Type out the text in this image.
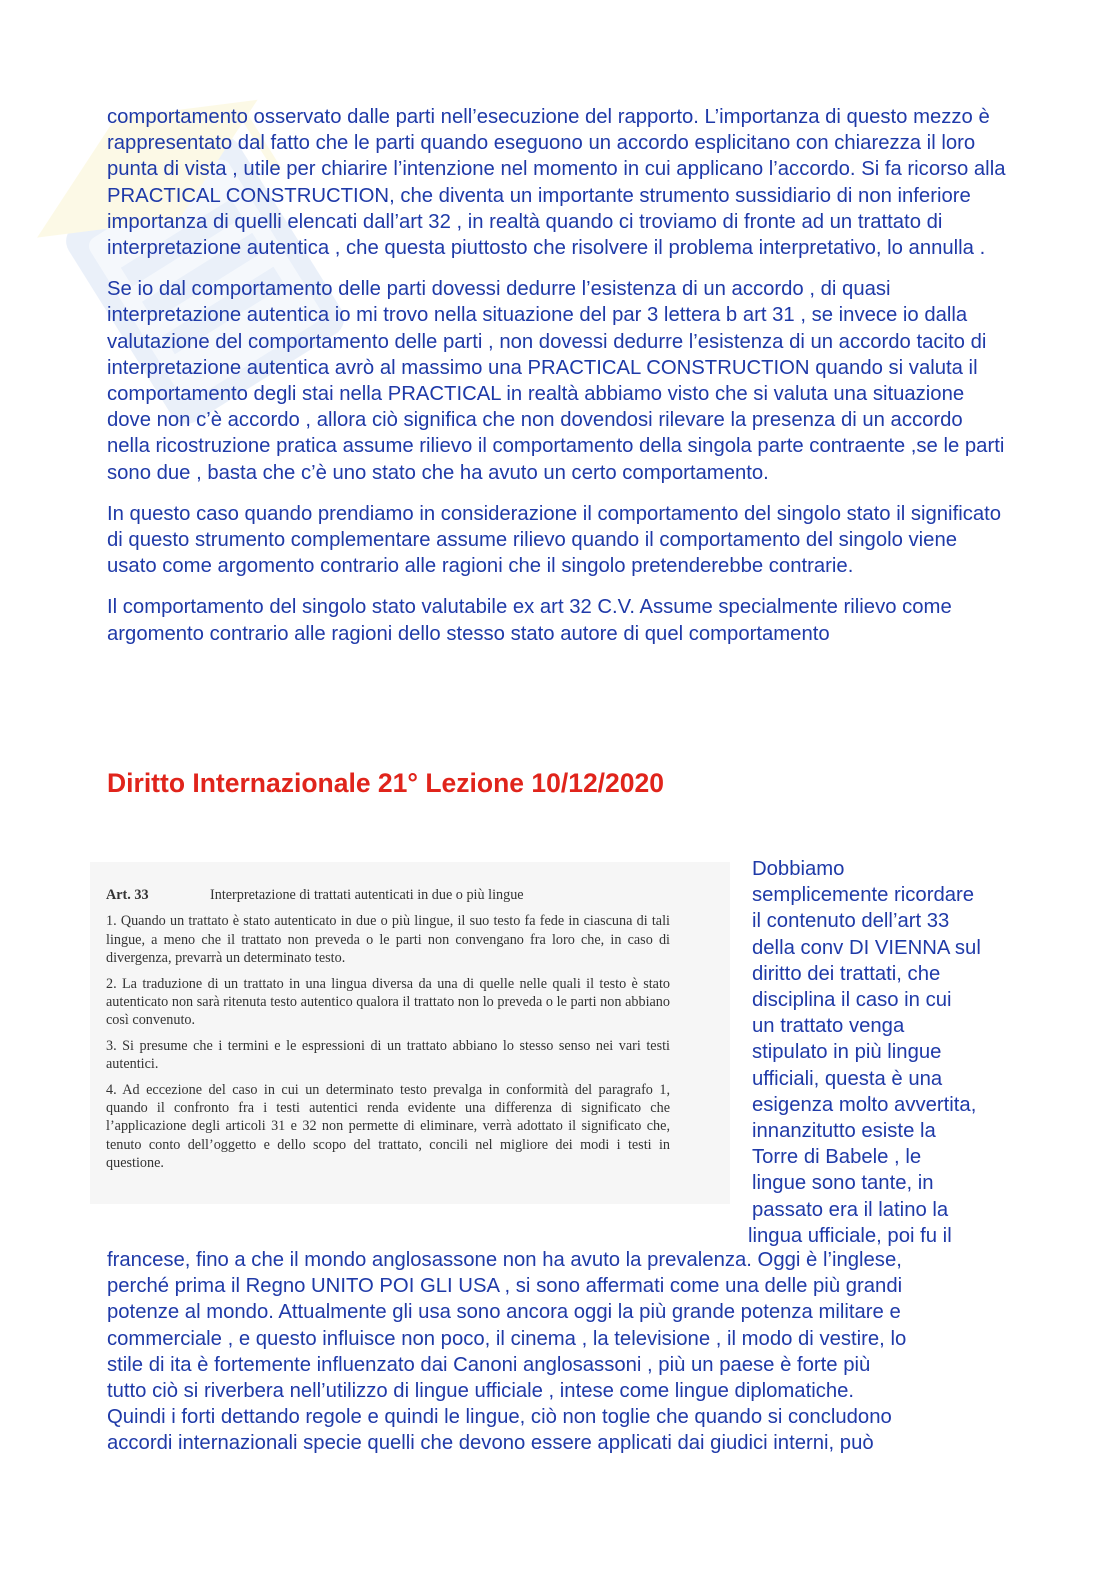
comportamento osservato dalle parti nell’esecuzione del rapporto. L’importanza di questo mezzo è rappresentato dal fatto che le parti quando eseguono un accordo esplicitano con chiarezza il loro punta di vista , utile per chiarire l’intenzione nel momento in cui applicano l’accordo. Si fa ricorso alla PRACTICAL CONSTRUCTION, che diventa un importante strumento sussidiario di non inferiore importanza di quelli elencati dall’art 32 , in realtà quando ci troviamo di fronte ad un trattato di interpretazione autentica , che questa piuttosto che risolvere il problema interpretativo, lo annulla .

Se io dal comportamento delle parti dovessi dedurre l’esistenza di un accordo , di quasi interpretazione autentica io mi trovo nella situazione del par 3 lettera b art 31 , se invece io dalla valutazione del comportamento delle parti , non dovessi dedurre l’esistenza di un accordo tacito di interpretazione autentica avrò al massimo una PRACTICAL CONSTRUCTION quando si valuta il comportamento degli stai nella PRACTICAL in realtà abbiamo visto che si valuta una situazione dove non c’è accordo , allora ciò significa che non dovendosi rilevare la presenza di un accordo nella ricostruzione pratica assume rilievo il comportamento della singola parte contraente ,se le parti sono due , basta che c’è uno stato che ha avuto un certo comportamento.

In questo caso quando prendiamo in considerazione il comportamento del singolo stato il significato di questo strumento complementare assume rilievo quando il comportamento del singolo viene usato come argomento contrario alle ragioni che il singolo pretenderebbe contrarie.

Il comportamento del singolo stato valutabile ex art 32 C.V. Assume specialmente rilievo come argomento contrario alle ragioni dello stesso stato autore di quel comportamento

Diritto Internazionale 21° Lezione 10/12/2020
Art. 33	Interpretazione di trattati autenticati in due o più lingue

1. Quando un trattato è stato autenticato in due o più lingue, il suo testo fa fede in ciascuna di tali lingue, a meno che il trattato non preveda o le parti non convengano fra loro che, in caso di divergenza, prevarrà un determinato testo.

2. La traduzione di un trattato in una lingua diversa da una di quelle nelle quali il testo è stato autenticato non sarà ritenuta testo autentico qualora il trattato non lo preveda o le parti non abbiano così convenuto.

3. Si presume che i termini e le espressioni di un trattato abbiano lo stesso senso nei vari testi autentici.

4. Ad eccezione del caso in cui un determinato testo prevalga in conformità del paragrafo 1, quando il confronto fra i testi autentici renda evidente una differenza di significato che l’applicazione degli articoli 31 e 32 non permette di eliminare, verrà adottato il significato che, tenuto conto dell’oggetto e dello scopo del trattato, concili nel migliore dei modi i testi in questione.

Dobbiamo
semplicemente ricordare
il contenuto dell’art 33
della conv DI VIENNA sul
diritto dei trattati, che
disciplina il caso in cui
un trattato venga
stipulato in più lingue
ufficiali, questa è una
esigenza molto avvertita,
innanzitutto esiste la
Torre di Babele , le
lingue sono tante, in
passato era il latino la
lingua ufficiale, poi fu il
francese, fino a che il mondo anglosassone non ha avuto la prevalenza. Oggi è l’inglese,
perché prima il Regno UNITO POI GLI USA , si sono affermati come una delle più grandi
potenze al mondo. Attualmente gli usa sono ancora oggi la più grande potenza militare e
commerciale , e questo influisce non poco, il cinema , la televisione , il modo di vestire, lo
stile di ita è fortemente influenzato dai Canoni anglosassoni , più un paese è forte più
tutto ciò si riverbera nell’utilizzo di lingue ufficiale , intese come lingue diplomatiche.
Quindi i forti dettando regole e quindi le lingue, ciò non toglie che quando si concludono
accordi internazionali specie quelli che devono essere applicati dai giudici interni, può
